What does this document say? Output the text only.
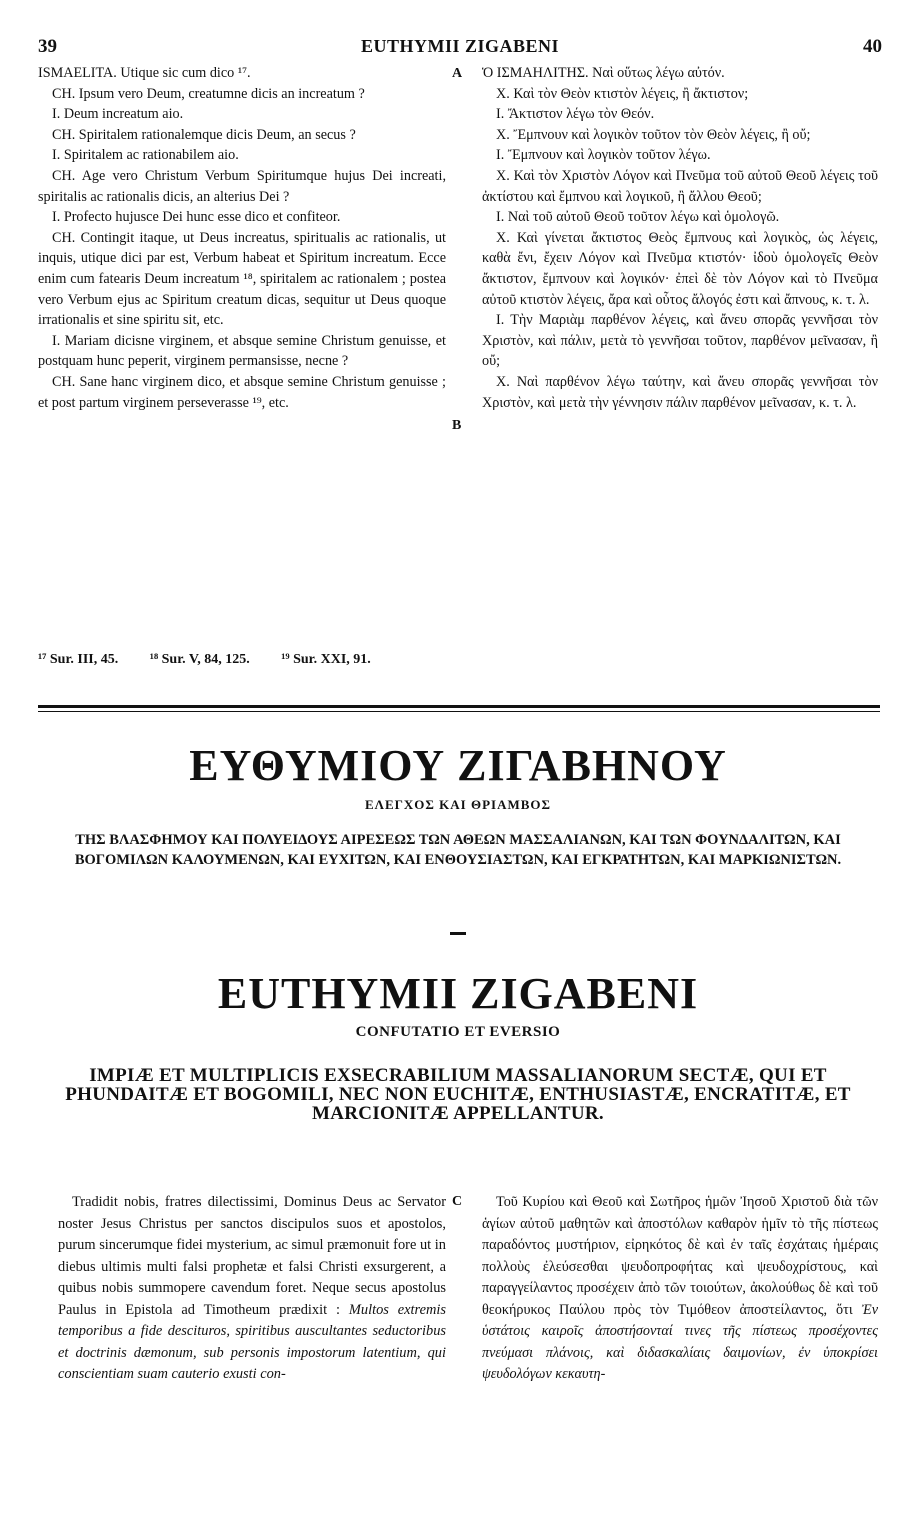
39	EUTHYMII ZIGABENI	40

ISMAELITA. Utique sic cum dico ¹⁷.

CH. Ipsum vero Deum, creatumne dicis an increatum ?

I. Deum increatum aio.

CH. Spiritalem rationalemque dicis Deum, an secus ?

I. Spiritalem ac rationabilem aio.

CH. Age vero Christum Verbum Spiritumque hujus Dei increati, spiritalis ac rationalis dicis, an alterius Dei ?

I. Profecto hujusce Dei hunc esse dico et confiteor.

CH. Contingit itaque, ut Deus increatus, spiritualis ac rationalis, ut inquis, utique dici par est, Verbum habeat et Spiritum increatum. Ecce enim cum fatearis Deum increatum ¹⁸, spiritalem ac rationalem ; postea vero Verbum ejus ac Spiritum creatum dicas, sequitur ut Deus quoque irrationalis et sine spiritu sit, etc.

I. Mariam dicisne virginem, et absque semine Christum genuisse, et postquam hunc peperit, virginem permansisse, necne ?

CH. Sane hanc virginem dico, et absque semine Christum genuisse ; et post partum virginem perseverasse ¹⁹, etc.

A
B

Ὁ ΙΣΜΑΗΛΙΤΗΣ. Ναὶ οὕτως λέγω αὐτόν.

Χ. Καὶ τὸν Θεὸν κτιστὸν λέγεις, ἢ ἄκτιστον;

Ι. Ἄκτιστον λέγω τὸν Θεόν.

Χ. Ἔμπνουν καὶ λογικὸν τοῦτον τὸν Θεὸν λέγεις, ἢ οὔ;

Ι. Ἔμπνουν καὶ λογικὸν τοῦτον λέγω.

Χ. Καὶ τὸν Χριστὸν Λόγον καὶ Πνεῦμα τοῦ αὐτοῦ Θεοῦ λέγεις τοῦ ἀκτίστου καὶ ἔμπνου καὶ λογικοῦ, ἢ ἄλλου Θεοῦ;

Ι. Ναὶ τοῦ αὐτοῦ Θεοῦ τοῦτον λέγω καὶ ὁμολογῶ.

Χ. Καὶ γίνεται ἄκτιστος Θεὸς ἔμπνους καὶ λογικὸς, ὡς λέγεις, καθὰ ἔνι, ἔχειν Λόγον καὶ Πνεῦμα κτιστόν· ἰδοὺ ὁμολογεῖς Θεὸν ἄκτιστον, ἔμπνουν καὶ λογικόν· ἐπεὶ δὲ τὸν Λόγον καὶ τὸ Πνεῦμα αὐτοῦ κτιστὸν λέγεις, ἄρα καὶ οὗτος ἄλογός ἐστι καὶ ἄπνους, κ. τ. λ.

Ι. Τὴν Μαριὰμ παρθένον λέγεις, καὶ ἄνευ σπορᾶς γεννῆσαι τὸν Χριστὸν, καὶ πάλιν, μετὰ τὸ γεννῆσαι τοῦτον, παρθένον μεῖνασαν, ἢ οὔ;

Χ. Ναὶ παρθένον λέγω ταύτην, καὶ ἄνευ σπορᾶς γεννῆσαι τὸν Χριστὸν, καὶ μετὰ τὴν γέννησιν πάλιν παρθένον μεῖνασαν, κ. τ. λ.

¹⁷ Sur. III, 45. ¹⁸ Sur. V, 84, 125. ¹⁹ Sur. XXI, 91.
ΕΥΘΥΜΙΟΥ ΖΙΓΑΒΗΝΟΥ
ΕΛΕΓΧΟΣ ΚΑΙ ΘΡΙΑΜΒΟΣ
ΤΗΣ ΒΛΑΣΦΗΜΟΥ ΚΑΙ ΠΟΛΥΕΙΔΟΥΣ ΑΙΡΕΣΕΩΣ ΤΩΝ ΑΘΕΩΝ ΜΑΣΣΑΛΙΑΝΩΝ, ΚΑΙ ΤΩΝ ΦΟΥΝΔΑΛΙΤΩΝ, ΚΑΙ ΒΟΓΟΜΙΛΩΝ ΚΑΛΟΥΜΕΝΩΝ, ΚΑΙ ΕΥΧΙΤΩΝ, ΚΑΙ ΕΝΘΟΥΣΙΑΣΤΩΝ, ΚΑΙ ΕΓΚΡΑΤΗΤΩΝ, ΚΑΙ ΜΑΡΚΙΩΝΙΣΤΩΝ.
EUTHYMII ZIGABENI
CONFUTATIO ET EVERSIO
IMPIÆ ET MULTIPLICIS EXSECRABILIUM MASSALIANORUM SECTÆ, QUI ET PHUNDAITÆ ET BOGOMILI, NEC NON EUCHITÆ, ENTHUSIASTÆ, ENCRATITÆ, ET MARCIONITÆ APPELLANTUR.

Tradidit nobis, fratres dilectissimi, Dominus Deus ac Servator noster Jesus Christus per sanctos discipulos suos et apostolos, purum sincerumque fidei mysterium, ac simul præmonuit fore ut in diebus ultimis multi falsi prophetæ et falsi Christi exsurgerent, a quibus nobis summopere cavendum foret. Neque secus apostolus Paulus in Epistola ad Timotheum prædixit : Multos extremis temporibus a fide descituros, spiritibus auscultantes seductoribus et doctrinis dæmonum, sub personis impostorum latentium, qui conscientiam suam cauterio exusti con-

C	Τοῦ Κυρίου καὶ Θεοῦ καὶ Σωτῆρος ἡμῶν Ἰησοῦ Χριστοῦ διὰ τῶν ἁγίων αὐτοῦ μαθητῶν καὶ ἀποστόλων καθαρὸν ἡμῖν τὸ τῆς πίστεως παραδόντος μυστήριον, εἰρηκότος δὲ καὶ ἐν ταῖς ἐσχάταις ἡμέραις πολλοὺς ἐλεύσεσθαι ψευδοπροφήτας καὶ ψευδοχρίστους, καὶ παραγγείλαντος προσέχειν ἀπὸ τῶν τοιούτων, ἀκολούθως δὲ καὶ τοῦ θεοκήρυκος Παύλου πρὸς τὸν Τιμόθεον ἀποστείλαντος, ὅτι Ἐν ὑστάτοις καιροῖς ἀποστήσονταί τινες τῆς πίστεως προσέχοντες πνεύμασι πλάνοις, καὶ διδασκαλίαις δαιμονίων, ἐν ὑποκρίσει ψευδολόγων κεκαυτη-
